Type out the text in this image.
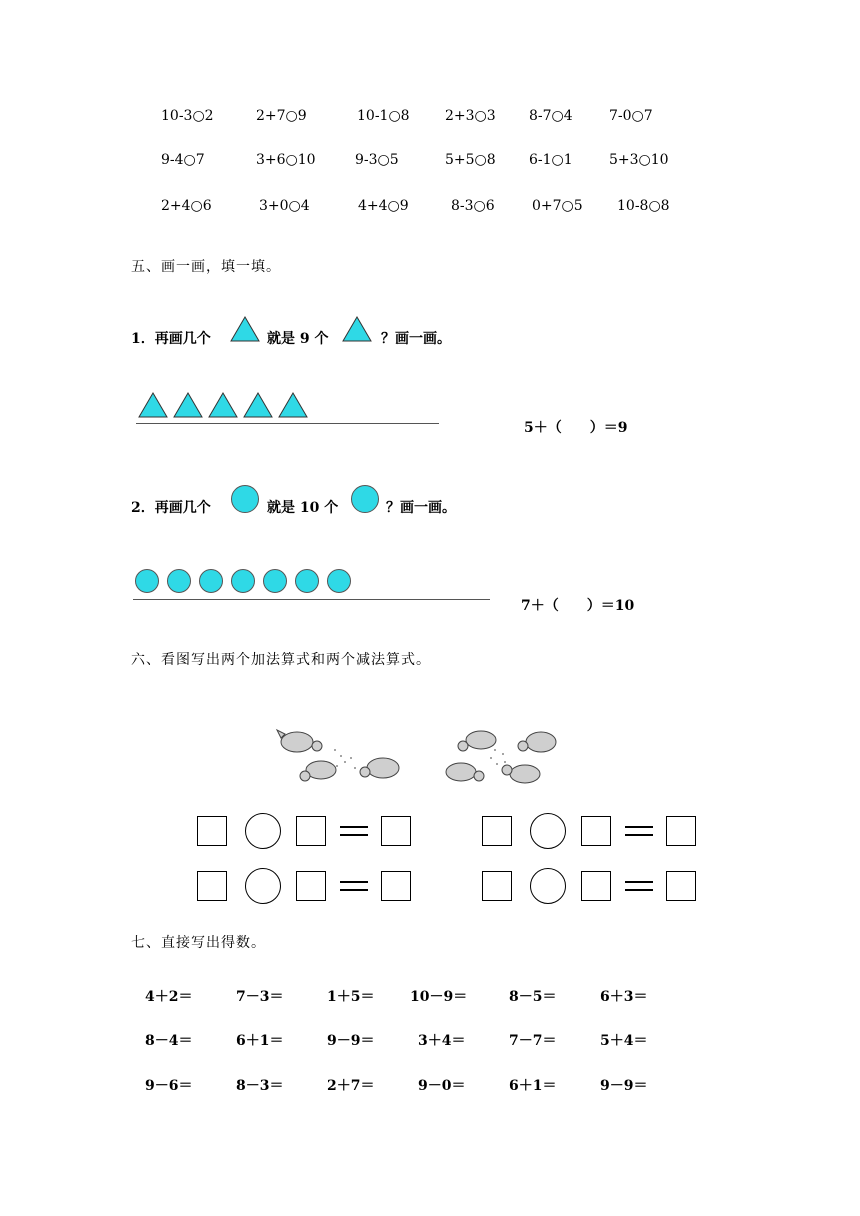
10-3○2	2+7○9	10-1○8	2+3○3 8-7○4	7-0○7
9-4○7	3+6○10	9-3○5	5+5○8 6-1○1	5+3○10
2+4○6	3+0○4	4+4○9	8-3○6	0+7○5 10-8○8
五、画一画，填一填。
1．再画几个	就是 9 个	？画一画。
5＋（　　）＝9
2．再画几个	就是 10 个	？画一画。
7＋（　　）＝10
六、看图写出两个加法算式和两个减法算式。
七、直接写出得数。
4＋2＝	7－3＝	1＋5＝	10－9＝	8－5＝	6＋3＝
8－4＝	6＋1＝	9－9＝	3＋4＝	7－7＝	5＋4＝
9－6＝	8－3＝	2＋7＝	9－0＝	6＋1＝	9－9＝
